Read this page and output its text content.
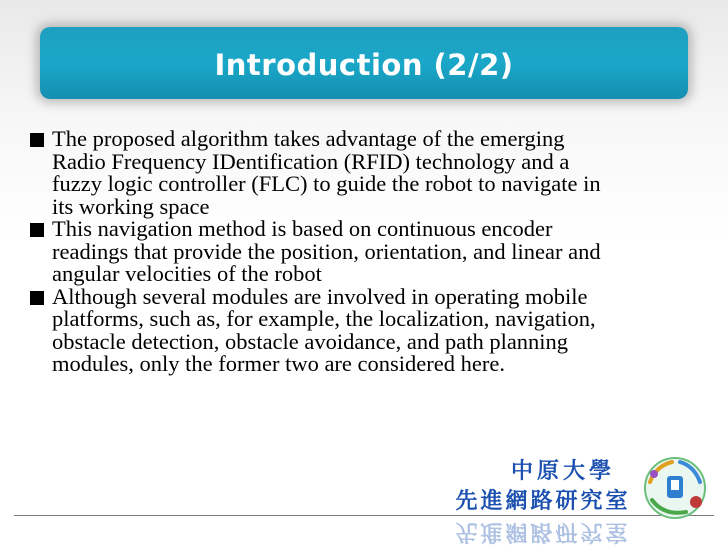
Introduction (2/2)
The proposed algorithm takes advantage of the emerging
Radio Frequency IDentification (RFID) technology and a
fuzzy logic controller (FLC) to guide the robot to navigate in
its working space
This navigation method is based on continuous encoder
readings that provide the position, orientation, and linear and
angular velocities of the robot
Although several modules are involved in operating mobile
platforms, such as, for example, the localization, navigation,
obstacle detection, obstacle avoidance, and path planning
modules, only the former two are considered here.
中原大學
先進網路研究室
先進網路研究室
